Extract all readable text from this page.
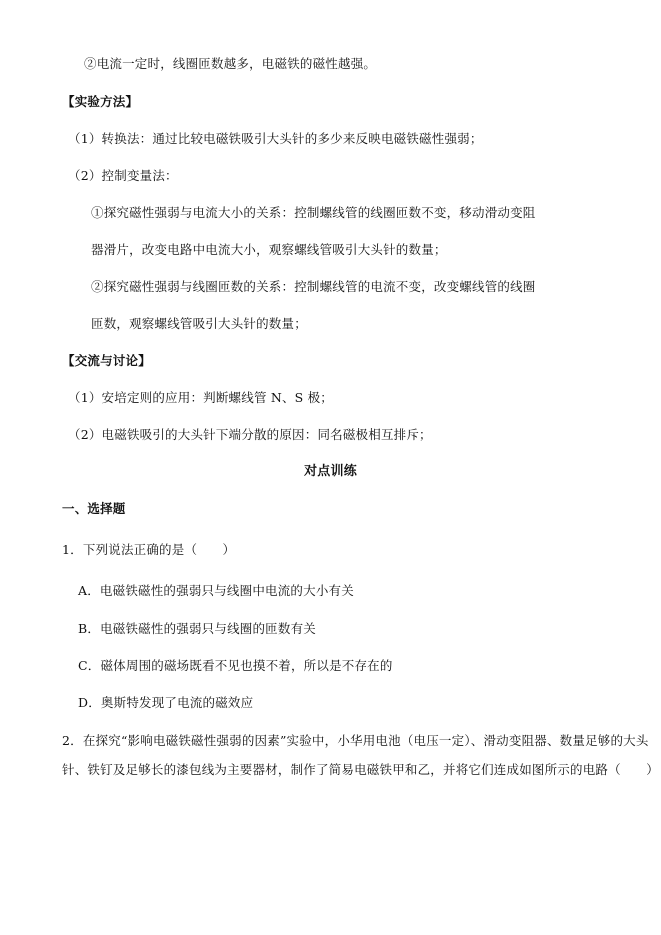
②电流一定时，线圈匝数越多，电磁铁的磁性越强。
【实验方法】
（1）转换法：通过比较电磁铁吸引大头针的多少来反映电磁铁磁性强弱；
（2）控制变量法：
①探究磁性强弱与电流大小的关系：控制螺线管的线圈匝数不变，移动滑动变阻
器滑片，改变电路中电流大小，观察螺线管吸引大头针的数量；
②探究磁性强弱与线圈匝数的关系：控制螺线管的电流不变，改变螺线管的线圈
匝数，观察螺线管吸引大头针的数量；
【交流与讨论】
（1）安培定则的应用：判断螺线管 N、S 极；
（2）电磁铁吸引的大头针下端分散的原因：同名磁极相互排斥；
对点训练
一、选择题
1．下列说法正确的是（　　）
A．电磁铁磁性的强弱只与线圈中电流的大小有关
B．电磁铁磁性的强弱只与线圈的匝数有关
C．磁体周围的磁场既看不见也摸不着，所以是不存在的
D．奥斯特发现了电流的磁效应
2．在探究“影响电磁铁磁性强弱的因素”实验中，小华用电池（电压一定）、滑动变阻器、数量足够的大头
针、铁钉及足够长的漆包线为主要器材，制作了简易电磁铁甲和乙，并将它们连成如图所示的电路（　　）
